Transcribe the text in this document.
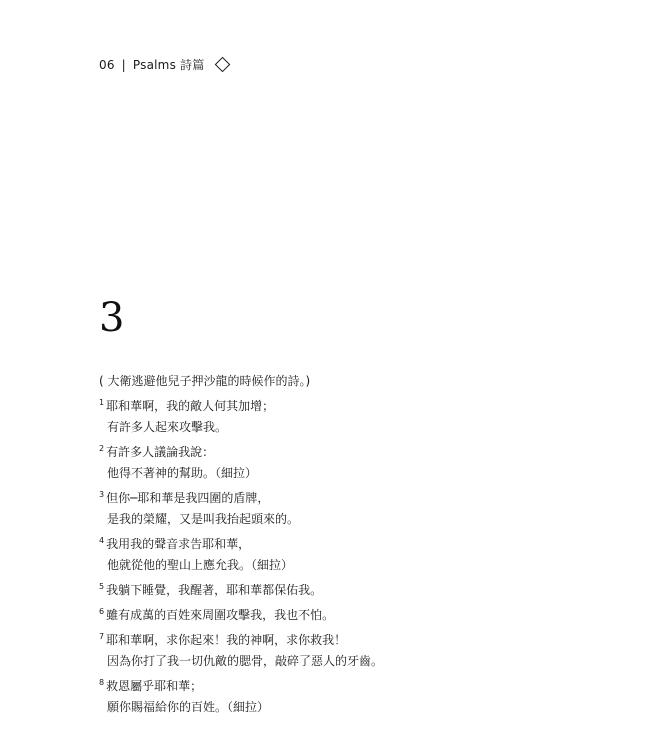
06 | Psalms 詩篇
3

( 大衛逃避他兒子押沙龍的時候作的詩。)

$^1$ 耶和華啊，我的敵人何其加增；
有許多人起來攻擊我。
$^2$ 有許多人議論我說：
他得不著神的幫助。（細拉）
$^3$ 但你─耶和華是我四圍的盾牌，
是我的榮耀，又是叫我抬起頭來的。
$^4$ 我用我的聲音求告耶和華，
他就從他的聖山上應允我。（細拉）
$^5$ 我躺下睡覺，我醒著，耶和華都保佑我。
$^6$ 雖有成萬的百姓來周圍攻擊我，我也不怕。
$^7$ 耶和華啊，求你起來！我的神啊，求你救我！
因為你打了我一切仇敵的腮骨，敲碎了惡人的牙齒。
$^8$ 救恩屬乎耶和華；
願你賜福給你的百姓。（細拉）
